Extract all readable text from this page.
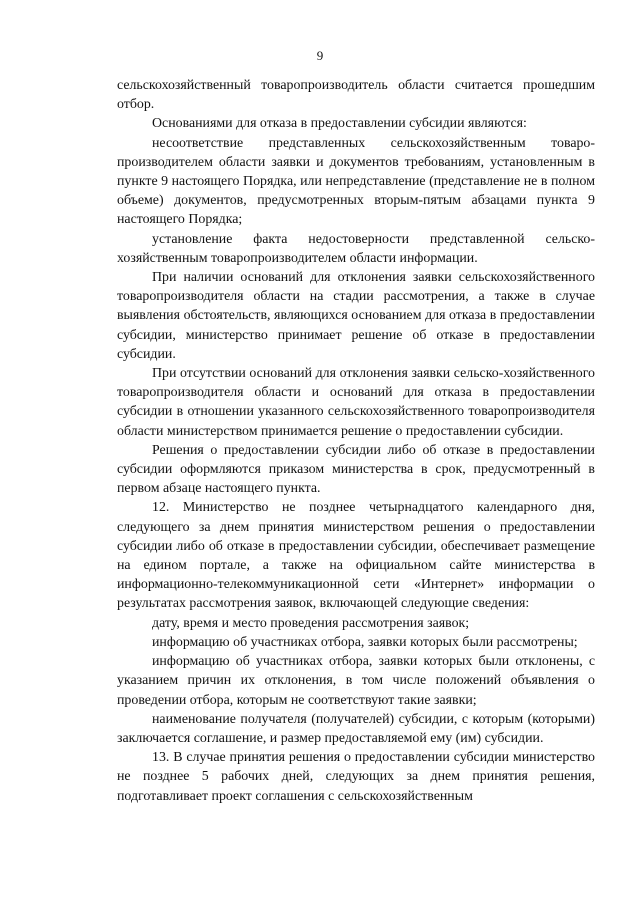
9

сельскохозяйственный товаропроизводитель области считается прошедшим отбор.

Основаниями для отказа в предоставлении субсидии являются:

несоответствие представленных сельскохозяйственным товаро-производителем области заявки и документов требованиям, установленным в пункте 9 настоящего Порядка, или непредставление (представление не в полном объеме) документов, предусмотренных вторым-пятым абзацами пункта 9 настоящего Порядка;

установление факта недостоверности представленной сельско-хозяйственным товаропроизводителем области информации.

При наличии оснований для отклонения заявки сельскохозяйственного товаропроизводителя области на стадии рассмотрения, а также в случае выявления обстоятельств, являющихся основанием для отказа в предоставлении субсидии, министерство принимает решение об отказе в предоставлении субсидии.

При отсутствии оснований для отклонения заявки сельско-хозяйственного товаропроизводителя области и оснований для отказа в предоставлении субсидии в отношении указанного сельскохозяйственного товаропроизводителя области министерством принимается решение о предоставлении субсидии.

Решения о предоставлении субсидии либо об отказе в предоставлении субсидии оформляются приказом министерства в срок, предусмотренный в первом абзаце настоящего пункта.

12. Министерство не позднее четырнадцатого календарного дня, следующего за днем принятия министерством решения о предоставлении субсидии либо об отказе в предоставлении субсидии, обеспечивает размещение на едином портале, а также на официальном сайте министерства в информационно-телекоммуникационной сети «Интернет» информации о результатах рассмотрения заявок, включающей следующие сведения:

дату, время и место проведения рассмотрения заявок;

информацию об участниках отбора, заявки которых были рассмотрены;

информацию об участниках отбора, заявки которых были отклонены, с указанием причин их отклонения, в том числе положений объявления о проведении отбора, которым не соответствуют такие заявки;

наименование получателя (получателей) субсидии, с которым (которыми) заключается соглашение, и размер предоставляемой ему (им) субсидии.

13. В случае принятия решения о предоставлении субсидии министерство не позднее 5 рабочих дней, следующих за днем принятия решения, подготавливает проект соглашения с сельскохозяйственным
